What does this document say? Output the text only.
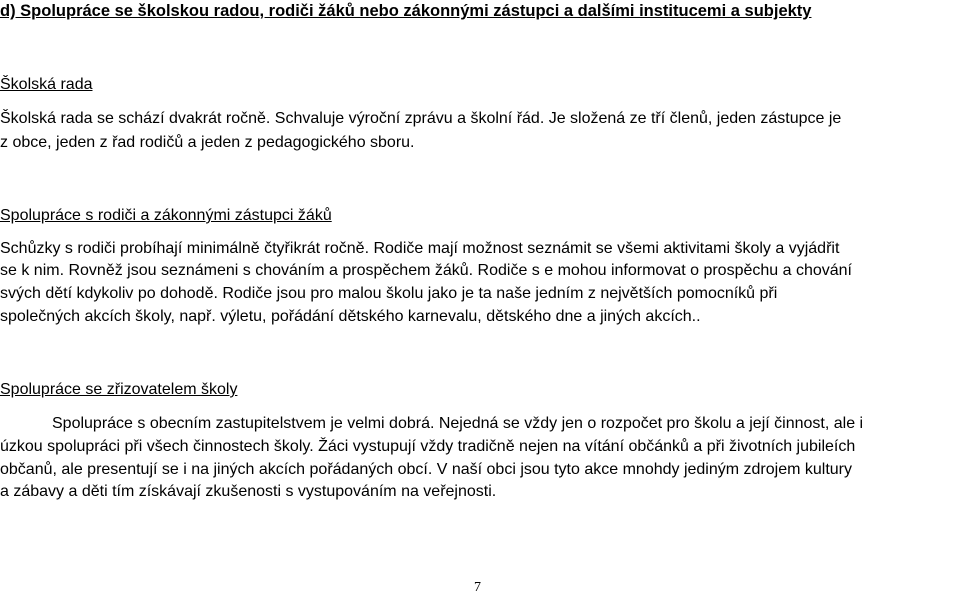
d) Spolupráce se školskou radou, rodiči žáků nebo zákonnými zástupci a dalšími institucemi a subjekty
Školská rada
Školská rada se schází dvakrát ročně. Schvaluje výroční zprávu a školní řád. Je složená ze tří členů, jeden zástupce je
z obce, jeden z řad rodičů a jeden z pedagogického sboru.
Spolupráce s rodiči a zákonnými zástupci žáků
Schůzky s rodiči probíhají minimálně čtyřikrát ročně. Rodiče mají možnost seznámit se všemi aktivitami školy a vyjádřit
se k nim. Rovněž jsou seznámeni s chováním a prospěchem žáků. Rodiče s e mohou informovat o prospěchu a chování
svých dětí kdykoliv po dohodě. Rodiče jsou pro malou školu jako je ta naše jedním z největších pomocníků při
společných akcích školy, např. výletu, pořádání dětského karnevalu, dětského dne a jiných akcích..
Spolupráce se zřizovatelem školy
Spolupráce s obecním zastupitelstvem je velmi dobrá. Nejedná se vždy jen o rozpočet pro školu a její činnost, ale i
úzkou spolupráci při všech činnostech školy. Žáci vystupují vždy tradičně nejen na vítání občánků a při životních jubileích
občanů, ale presentují se i na jiných akcích pořádaných obcí. V naší obci jsou tyto akce mnohdy jediným zdrojem kultury
a zábavy a děti tím získávají zkušenosti s vystupováním na veřejnosti.
7
